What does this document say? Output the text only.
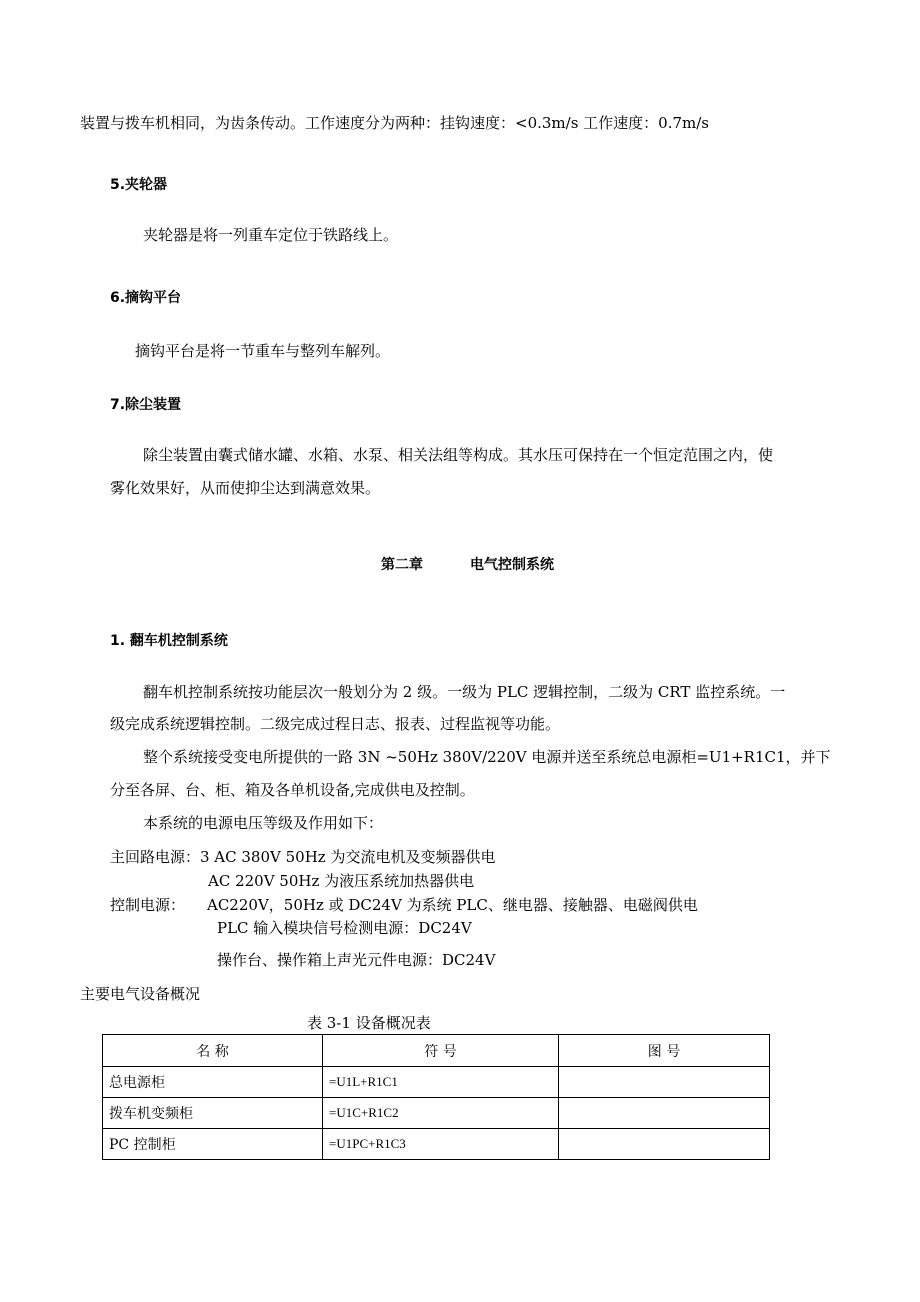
装置与拨车机相同，为齿条传动。工作速度分为两种：挂钩速度：<0.3m/s 工作速度：0.7m/s
5.夹轮器
夹轮器是将一列重车定位于铁路线上。
6.摘钩平台
摘钩平台是将一节重车与整列车解列。
7.除尘装置
除尘装置由囊式储水罐、水箱、水泵、相关法组等构成。其水压可保持在一个恒定范围之内，使
雾化效果好，从而使抑尘达到满意效果。
第二章	电气控制系统
1. 翻车机控制系统
翻车机控制系统按功能层次一般划分为 2 级。一级为 PLC 逻辑控制，二级为 CRT 监控系统。一
级完成系统逻辑控制。二级完成过程日志、报表、过程监视等功能。
整个系统接受变电所提供的一路 3N ~50Hz 380V/220V 电源并送至系统总电源柜=U1+R1C1，并下
分至各屏、台、柜、箱及各单机设备,完成供电及控制。
本系统的电源电压等级及作用如下：
主回路电源： 3 AC 380V 50Hz 为交流电机及变频器供电
AC 220V 50Hz 为液压系统加热器供电
控制电源： AC220V，50Hz 或 DC24V 为系统 PLC、继电器、接触器、电磁阀供电
PLC 输入模块信号检测电源：DC24V
操作台、操作箱上声光元件电源：DC24V
主要电气设备概况
表 3-1 设备概况表
名 称	符 号	图 号
总电源柜	=U1L+R1C1	
拨车机变频柜	=U1C+R1C2	
PC 控制柜	=U1PC+R1C3	
